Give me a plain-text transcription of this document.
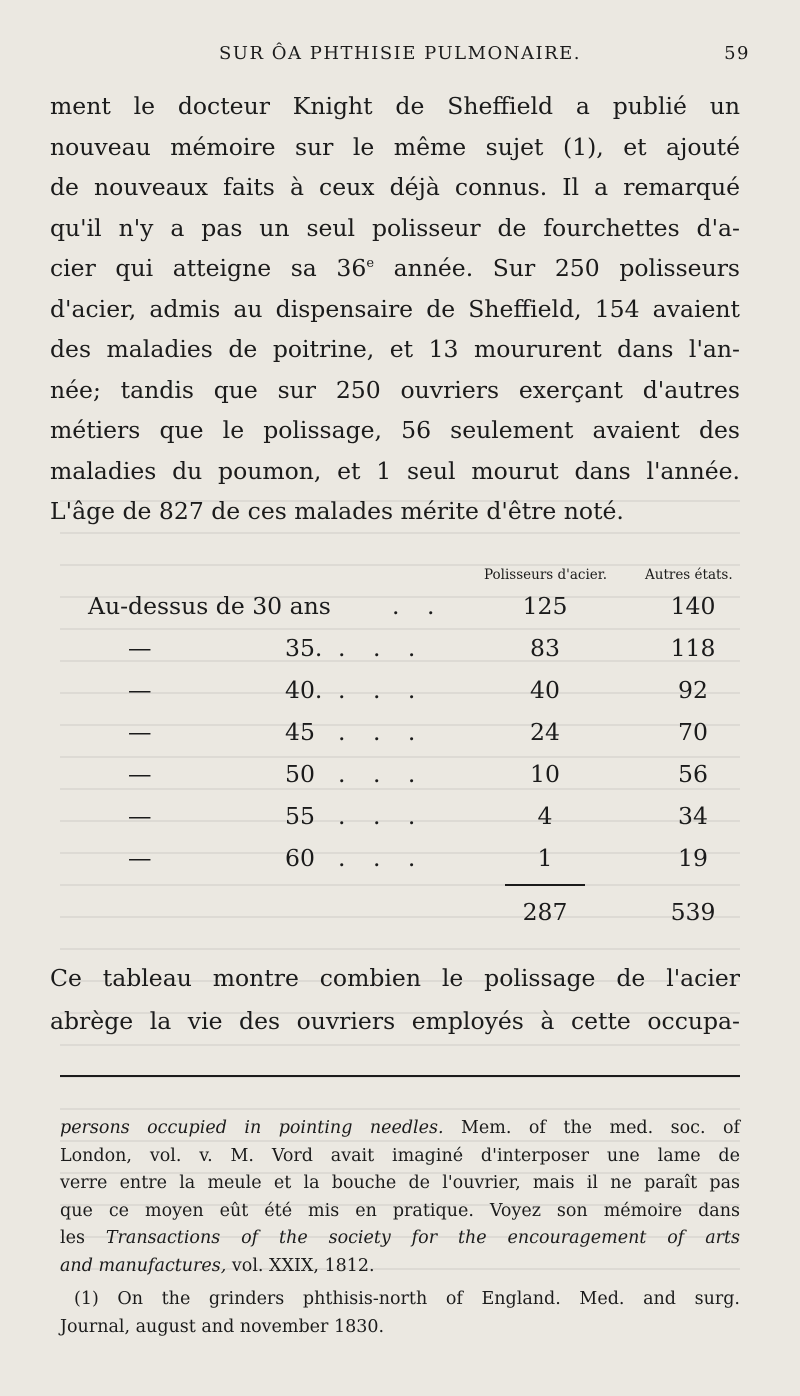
SUR ÔA PHTHISIE PULMONAIRE.	59
ment le docteur Knight de Sheffield a publié un
nouveau mémoire sur le même sujet (1), et ajouté
de nouveaux faits à ceux déjà connus. Il a remarqué
qu'il n'y a pas un seul polisseur de fourchettes d'a-
cier qui atteigne sa 36e année. Sur 250 polisseurs
d'acier, admis au dispensaire de Sheffield, 154 avaient
des maladies de poitrine, et 13 moururent dans l'an-
née; tandis que sur 250 ouvriers exerçant d'autres
métiers que le polissage, 56 seulement avaient des
maladies du poumon, et 1 seul mourut dans l'année.
L'âge de 827 de ces malades mérite d'être noté.
Polisseurs d'acier.	Autres états.
Au-dessus de 30 ans	. .	125	140
—	35. . . .	83	118
—	40. . . .	40	92
—	45 . . .	24	70
—	50 . . .	10	56
—	55 . . .	4	34
—	60 . . .	1	19
287	539
Ce tableau montre combien le polissage de l'acier
abrège la vie des ouvriers employés à cette occupa-
persons occupied in pointing needles. Mem. of the med. soc. of
London, vol. v. M. Vord avait imaginé d'interposer une lame de
verre entre la meule et la bouche de l'ouvrier, mais il ne paraît pas
que ce moyen eût été mis en pratique. Voyez son mémoire dans
les Transactions of the society for the encouragement of arts
and manufactures, vol. XXIX, 1812.
(1) On the grinders phthisis-north of England. Med. and surg.
Journal, august and november 1830.
